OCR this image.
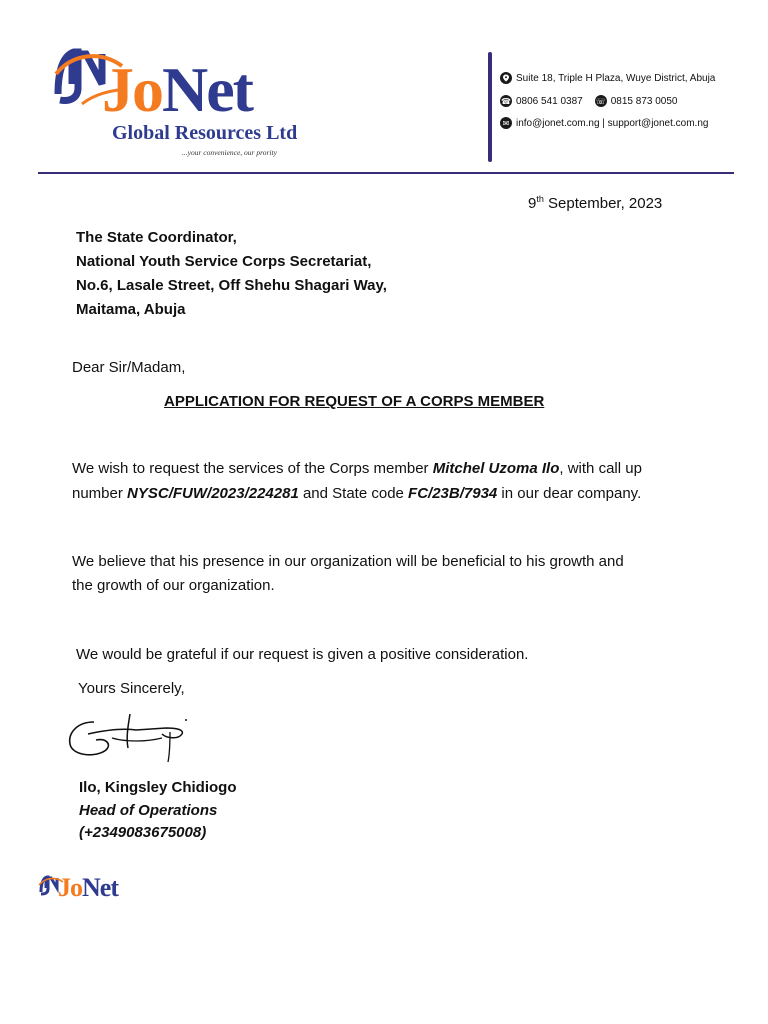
JoNet
Global Resources Ltd
...your convenience, our prority
Suite 18, Triple H Plaza, Wuye District, Abuja
☎ 0806 541 0387 ☏ 0815 873 0050
✉ info@jonet.com.ng | support@jonet.com.ng
9th September, 2023
The State Coordinator,
National Youth Service Corps Secretariat,
No.6, Lasale Street, Off Shehu Shagari Way,
Maitama, Abuja
Dear Sir/Madam,
APPLICATION FOR REQUEST OF A CORPS MEMBER
We wish to request the services of the Corps member Mitchel Uzoma Ilo, with call up
number NYSC/FUW/2023/224281 and State code FC/23B/7934 in our dear company.
We believe that his presence in our organization will be beneficial to his growth and
the growth of our organization.
We would be grateful if our request is given a positive consideration.
Yours Sincerely,
Ilo, Kingsley Chidiogo
Head of Operations
(+2349083675008)
JoNet
